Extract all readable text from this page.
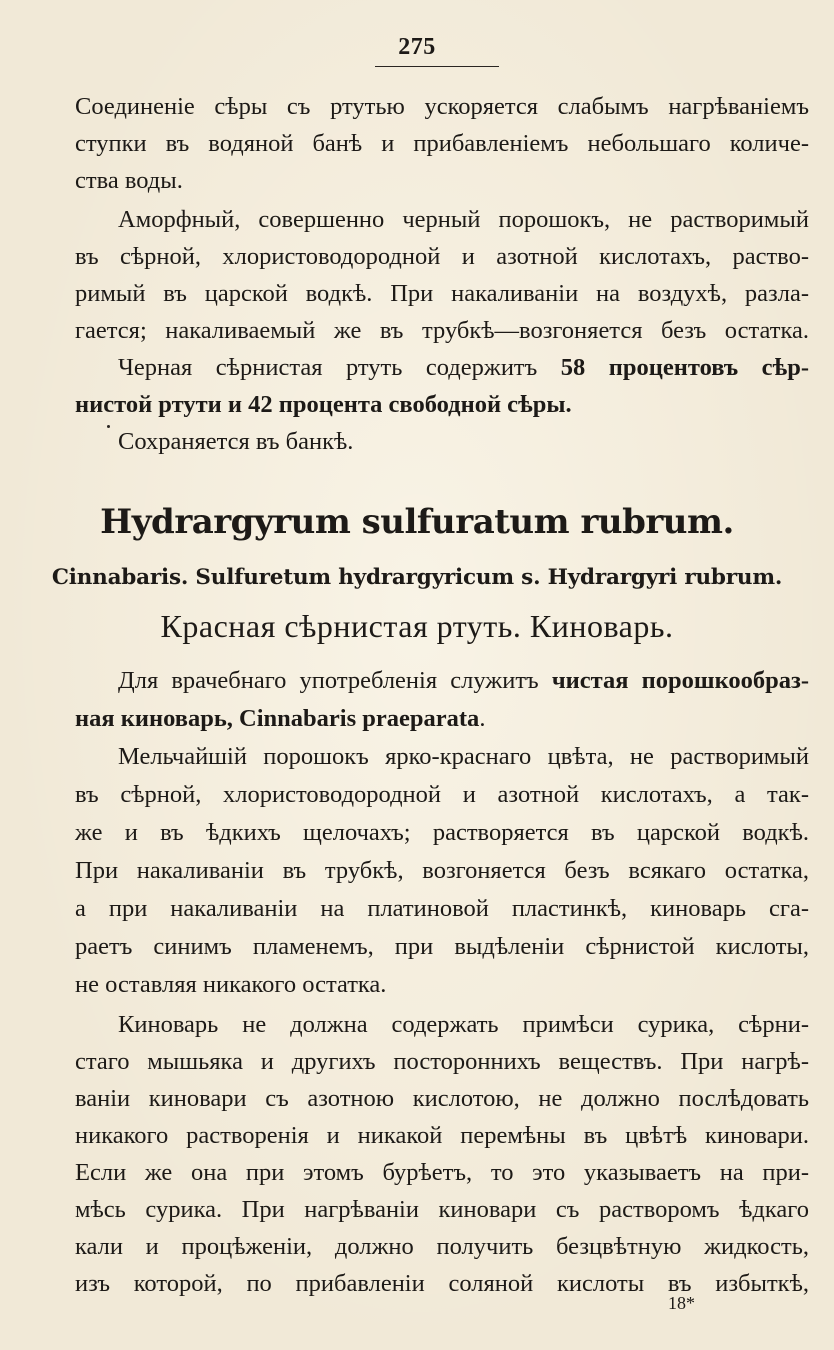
275
Соединеніе сѣры съ ртутью ускоряется слабымъ нагрѣваніемъ
ступки въ водяной банѣ и прибавленіемъ небольшаго количе-
ства воды.
Аморфный, совершенно черный порошокъ, не растворимый
въ сѣрной, хлористоводородной и азотной кислотахъ, раство-
римый въ царской водкѣ. При накаливаніи на воздухѣ, разла-
гается; накаливаемый же въ трубкѣ—возгоняется безъ остатка.
Черная сѣрнистая ртуть содержитъ 58 процентовъ сѣр-
нистой ртути и 42 процента свободной сѣры.
Сохраняется въ банкѣ.
Hydrargyrum sulfuratum rubrum.
Cinnabaris. Sulfuretum hydrargyricum s. Hydrargyri rubrum.
Красная сѣрнистая ртуть. Киноварь.
Для врачебнаго употребленія служитъ чистая порошкообраз-
ная киноварь, Cinnabaris praeparata.
Мельчайшій порошокъ ярко-краснаго цвѣта, не растворимый
въ сѣрной, хлористоводородной и азотной кислотахъ, а так-
же и въ ѣдкихъ щелочахъ; растворяется въ царской водкѣ.
При накаливаніи въ трубкѣ, возгоняется безъ всякаго остатка,
а при накаливаніи на платиновой пластинкѣ, киноварь сга-
раетъ синимъ пламенемъ, при выдѣленіи сѣрнистой кислоты,
не оставляя никакого остатка.
Киноварь не должна содержать примѣси сурика, сѣрни-
стаго мышьяка и другихъ постороннихъ веществъ. При нагрѣ-
ваніи киновари съ азотною кислотою, не должно послѣдовать
никакого растворенія и никакой перемѣны въ цвѣтѣ киновари.
Если же она при этомъ бурѣетъ, то это указываетъ на при-
мѣсь сурика. При нагрѣваніи киновари съ растворомъ ѣдкаго
кали и процѣженіи, должно получить безцвѣтную жидкость,
изъ которой, по прибавленіи соляной кислоты въ избыткѣ,
18*
